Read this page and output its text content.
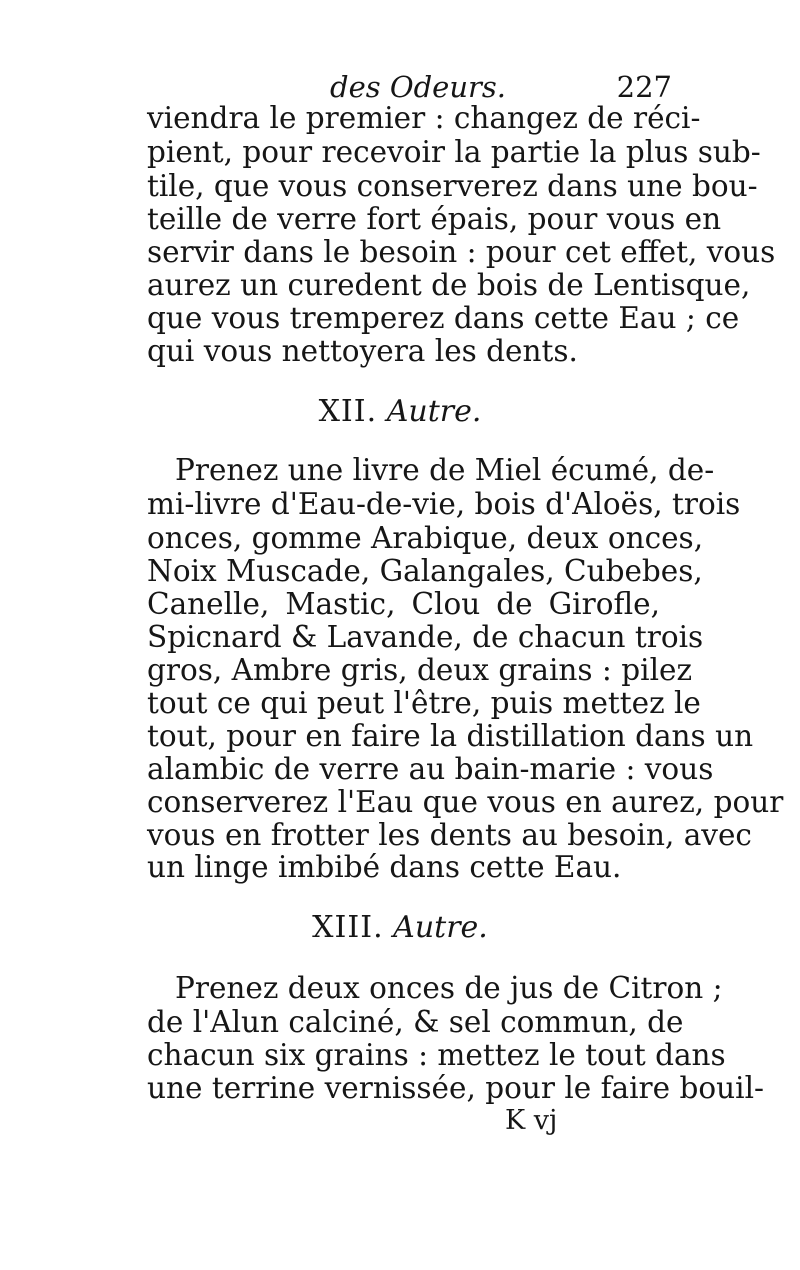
des Odeurs.	227
viendra le premier : changez de réci-
pient, pour recevoir la partie la plus sub-
tile, que vous conserverez dans une bou-
teille de verre fort épais, pour vous en
servir dans le besoin : pour cet effet, vous
aurez un curedent de bois de Lentisque,
que vous tremperez dans cette Eau ; ce
qui vous nettoyera les dents.
XII. Autre.
Prenez une livre de Miel écumé, de-
mi-livre d'Eau-de-vie, bois d'Aloës, trois
onces, gomme Arabique, deux onces,
Noix Muscade, Galangales, Cubebes,
Canelle, Mastic, Clou de Girofle,
Spicnard & Lavande, de chacun trois
gros, Ambre gris, deux grains : pilez
tout ce qui peut l'être, puis mettez le
tout, pour en faire la distillation dans un
alambic de verre au bain-marie : vous
conserverez l'Eau que vous en aurez, pour
vous en frotter les dents au besoin, avec
un linge imbibé dans cette Eau.
XIII. Autre.
Prenez deux onces de jus de Citron ;
de l'Alun calciné, & sel commun, de
chacun six grains : mettez le tout dans
une terrine vernissée, pour le faire bouil-
K vj
